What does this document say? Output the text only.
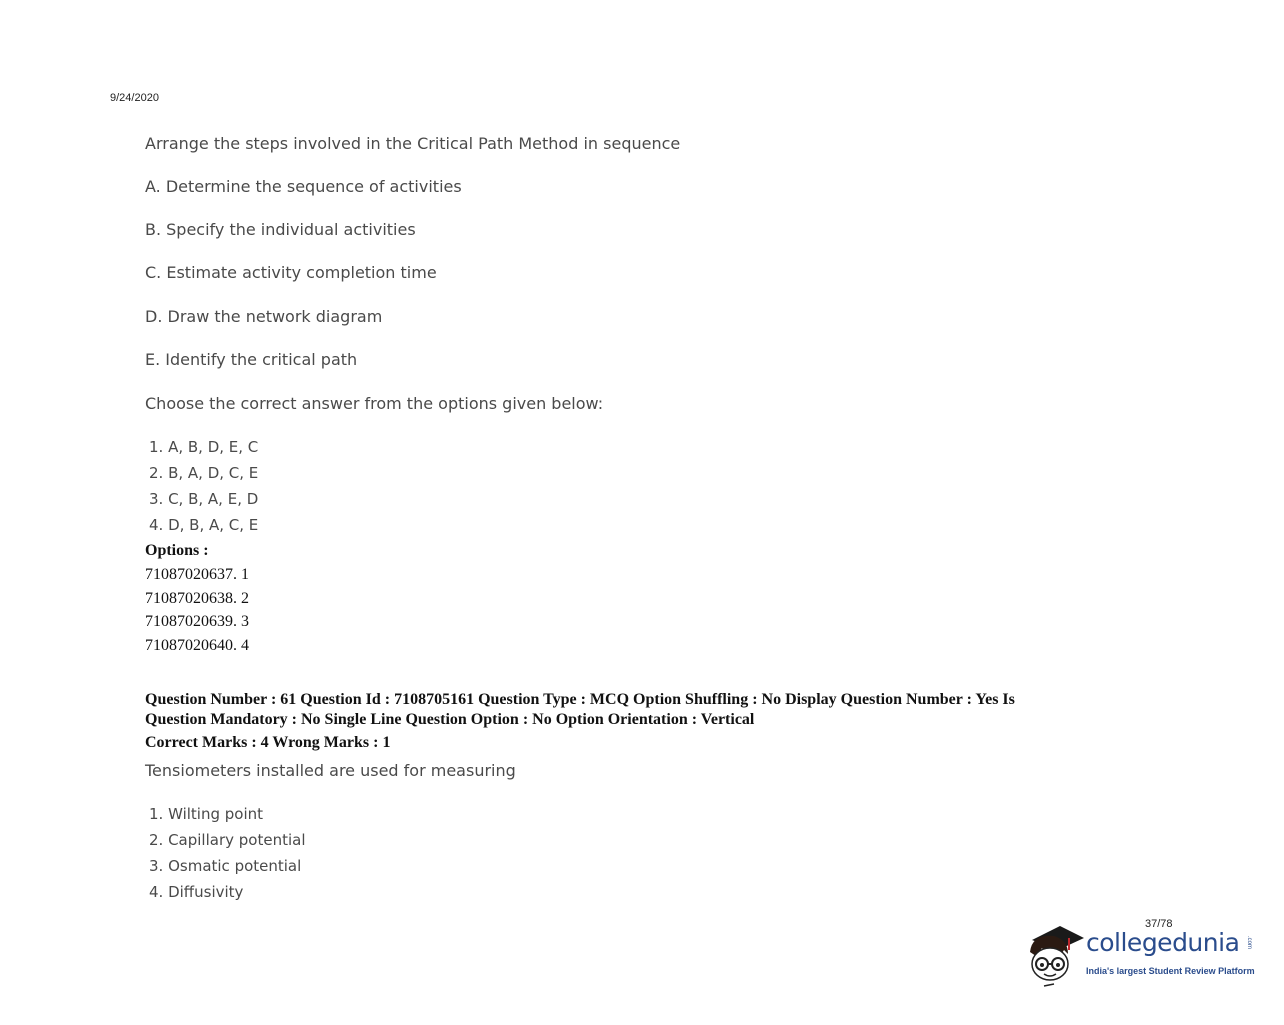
9/24/2020
Arrange the steps involved in the Critical Path Method in sequence
A. Determine the sequence of activities
B. Specify the individual activities
C. Estimate activity completion time
D. Draw the network diagram
E. Identify the critical path
Choose the correct answer from the options given below:
1. A, B, D, E, C
2. B, A, D, C, E
3. C, B, A, E, D
4. D, B, A, C, E
Options :
71087020637. 1
71087020638. 2
71087020639. 3
71087020640. 4
Question Number : 61 Question Id : 7108705161 Question Type : MCQ Option Shuffling : No Display Question Number : Yes Is
Question Mandatory : No Single Line Question Option : No Option Orientation : Vertical
Correct Marks : 4 Wrong Marks : 1
Tensiometers installed are used for measuring
1. Wilting point
2. Capillary potential
3. Osmatic potential
4. Diffusivity
37/78
collegedunia .com
India's largest Student Review Platform
